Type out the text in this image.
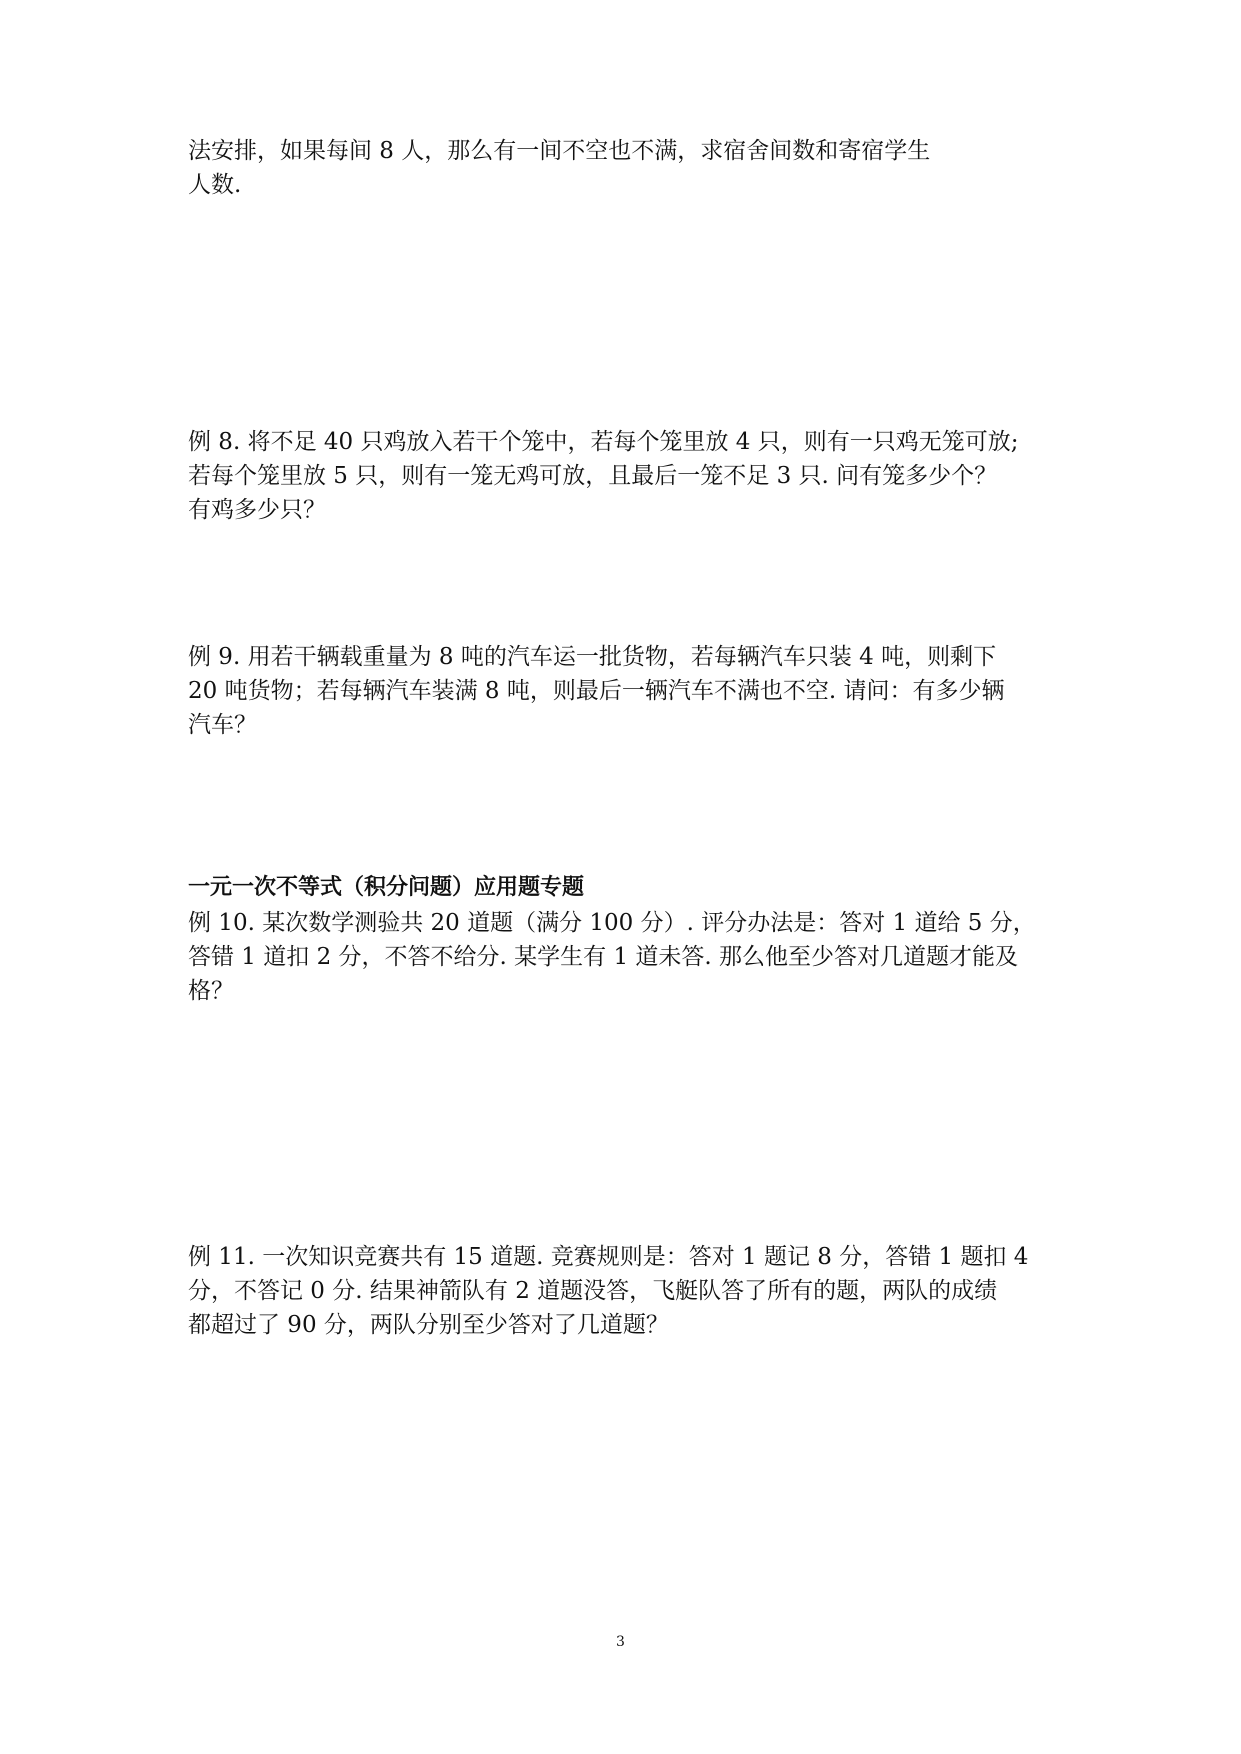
法安排，如果每间 8 人，那么有一间不空也不满，求宿舍间数和寄宿学生
人数.
例 8. 将不足 40 只鸡放入若干个笼中，若每个笼里放 4 只，则有一只鸡无笼可放;
若每个笼里放 5 只，则有一笼无鸡可放，且最后一笼不足 3 只. 问有笼多少个？
有鸡多少只？
例 9. 用若干辆载重量为 8 吨的汽车运一批货物，若每辆汽车只装 4 吨，则剩下
20 吨货物；若每辆汽车装满 8 吨，则最后一辆汽车不满也不空. 请问：有多少辆
汽车？
一元一次不等式（积分问题）应用题专题
例 10. 某次数学测验共 20 道题（满分 100 分）. 评分办法是：答对 1 道给 5 分，
答错 1 道扣 2 分，不答不给分. 某学生有 1 道未答. 那么他至少答对几道题才能及
格？
例 11. 一次知识竞赛共有 15 道题. 竞赛规则是：答对 1 题记 8 分，答错 1 题扣 4
分，不答记 0 分. 结果神箭队有 2 道题没答，飞艇队答了所有的题，两队的成绩
都超过了 90 分，两队分别至少答对了几道题？
3
